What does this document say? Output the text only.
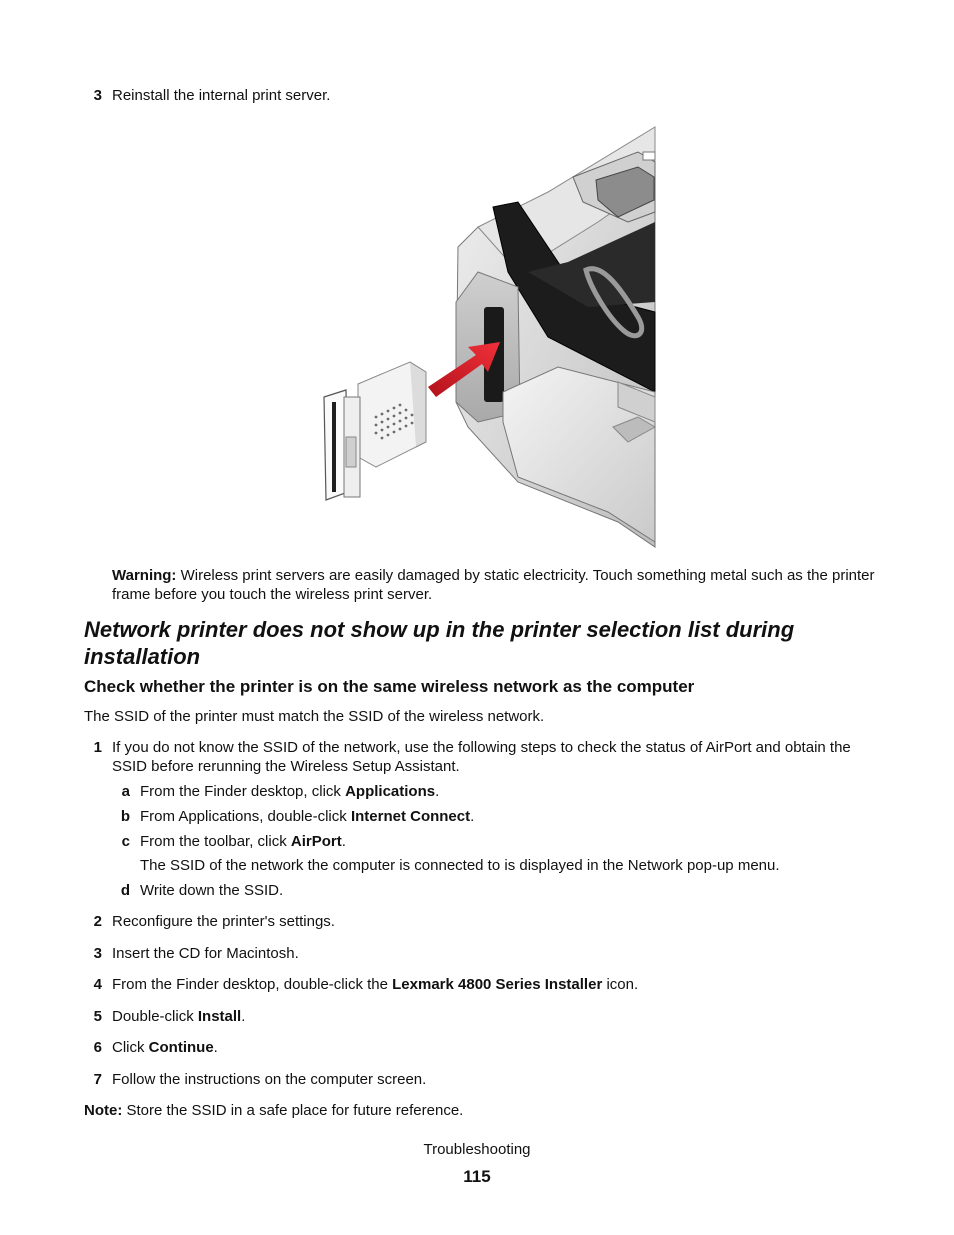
3 Reinstall the internal print server.
Warning: Wireless print servers are easily damaged by static electricity. Touch something metal such as the printer frame before you touch the wireless print server.
Network printer does not show up in the printer selection list during installation
Check whether the printer is on the same wireless network as the computer
The SSID of the printer must match the SSID of the wireless network.
1 If you do not know the SSID of the network, use the following steps to check the status of AirPort and obtain the SSID before rerunning the Wireless Setup Assistant.
a From the Finder desktop, click Applications.
b From Applications, double-click Internet Connect.
c From the toolbar, click AirPort.
The SSID of the network the computer is connected to is displayed in the Network pop-up menu.
d Write down the SSID.
2 Reconfigure the printer's settings.
3 Insert the CD for Macintosh.
4 From the Finder desktop, double-click the Lexmark 4800 Series Installer icon.
5 Double-click Install.
6 Click Continue.
7 Follow the instructions on the computer screen.
Note: Store the SSID in a safe place for future reference.
Troubleshooting
115
